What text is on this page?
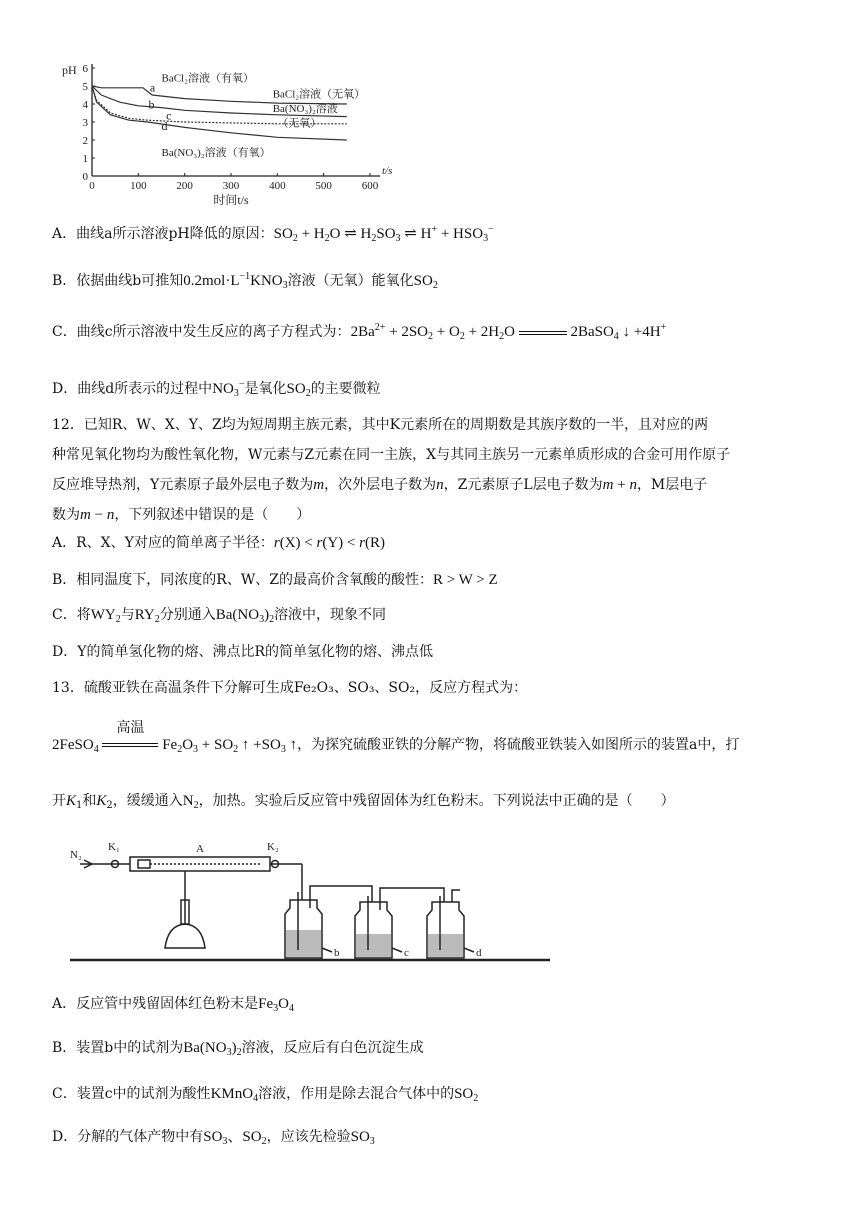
0	100	200	300	400	500	600
0
1
2
3
4
5
6
pH
t/s
时间t/s
a
b
c
d
BaCl₂溶液（有氧）
BaCl₂溶液（无氧）
Ba(NO₃)₂溶液
（无氧）
Ba(NO₃)₂溶液（有氧）
A．曲线a所示溶液pH降低的原因：$SO_2 + H_2O$ ⇌ $H_2SO_3$ ⇌ $H^+ + HSO_3^-$
B．依据曲线b可推知$0.2mol\cdot L^{-1}KNO_3$溶液（无氧）能氧化$SO_2$
C．曲线c所示溶液中发生反应的离子方程式为：$2Ba^{2+} + 2SO_2 + O_2 + 2H_2O$	2BaSO$_4$ ↓ +4H+
D．曲线d所表示的过程中$NO_3^-$是氧化$SO_2$的主要微粒
12．已知R、W、X、Y、Z均为短周期主族元素，其中K元素所在的周期数是其族序数的一半，且对应的两
种常见氧化物均为酸性氧化物，W元素与Z元素在同一主族，X与其同主族另一元素单质形成的合金可用作原子
反应堆导热剂，Y元素原子最外层电子数为m，次外层电子数为n，Z元素原子L层电子数为m + n，M层电子
数为m − n，下列叙述中错误的是（　　）
A．R、X、Y对应的简单离子半径：r(X) < r(Y) < r(R)
B．相同温度下，同浓度的R、W、Z的最高价含氧酸的酸性：R > W > Z
C．将$WY_2$与$RY_2$分别通入$Ba(NO_3)_2$溶液中，现象不同
D．Y的简单氢化物的熔、沸点比R的简单氢化物的熔、沸点低
13．硫酸亚铁在高温条件下分解可生成Fe₂O₃、SO₃、SO₂，反应方程式为：
2FeSO$_4$
高温
$Fe_2O_3 + SO_2$ ↑ $+SO_3$ ↑，为探究硫酸亚铁的分解产物，将硫酸亚铁装入如图所示的装置a中，打
开$K_1$和$K_2$，缓缓通入$N_2$，加热。实验后反应管中残留固体为红色粉末。下列说法中正确的是（　　）
N₂
K₁	A	K₂
b	c	d
A．反应管中残留固体红色粉末是$Fe_3O_4$
B．装置b中的试剂为$Ba(NO_3)_2$溶液，反应后有白色沉淀生成
C．装置c中的试剂为酸性KMnO$_4$溶液，作用是除去混合气体中的$SO_2$
D．分解的气体产物中有$SO_3$、$SO_2$，应该先检验$SO_3$
